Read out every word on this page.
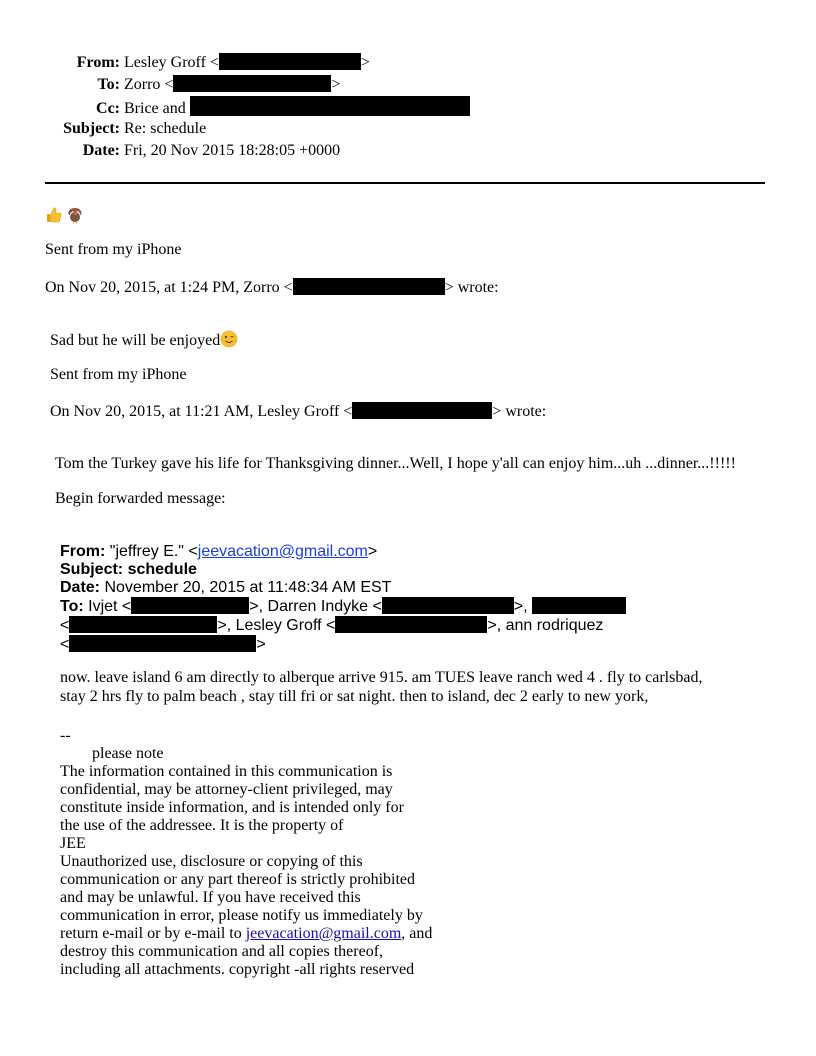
From: Lesley Groff <	>
To: Zorro <	>
Cc: Brice and
Subject: Re: schedule
Date: Fri, 20 Nov 2015 18:28:05 +0000
Sent from my iPhone
On Nov 20, 2015, at 1:24 PM, Zorro <	> wrote:
Sad but he will be enjoyed
Sent from my iPhone
On Nov 20, 2015, at 11:21 AM, Lesley Groff <	> wrote:
Tom the Turkey gave his life for Thanksgiving dinner...Well, I hope y'all can enjoy him...uh ...dinner...!!!!!
Begin forwarded message:
From: "jeffrey E." <jeevacation@gmail.com>
Subject: schedule
Date: November 20, 2015 at 11:48:34 AM EST
To: Ivjet <	>, Darren Indyke <	>,
<	>, Lesley Groff <	>, ann rodriquez
<	>
now. leave island 6 am directly to alberque arrive 915. am TUES leave ranch wed 4 . fly to carlsbad,
stay 2 hrs fly to palm beach , stay till fri or sat night. then to island, dec 2 early to new york,
--
please note
The information contained in this communication is
confidential, may be attorney-client privileged, may
constitute inside information, and is intended only for
the use of the addressee. It is the property of
JEE
Unauthorized use, disclosure or copying of this
communication or any part thereof is strictly prohibited
and may be unlawful. If you have received this
communication in error, please notify us immediately by
return e-mail or by e-mail to jeevacation@gmail.com, and
destroy this communication and all copies thereof,
including all attachments. copyright -all rights reserved
